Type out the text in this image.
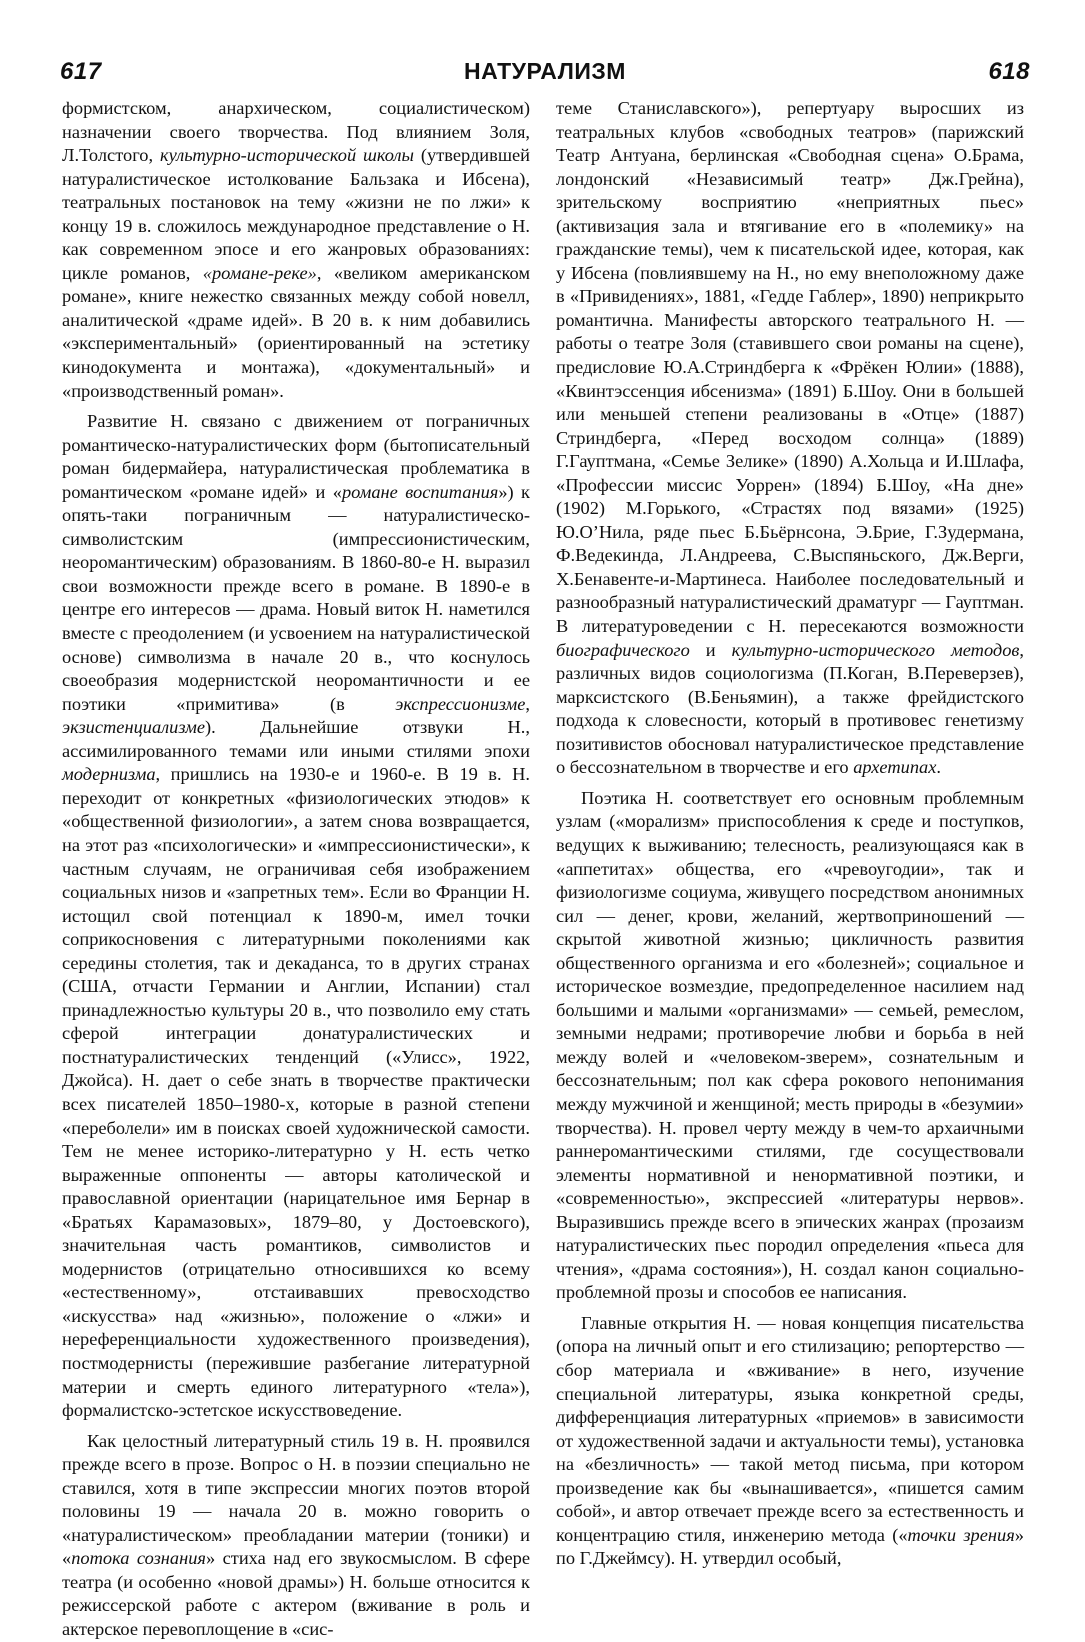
617	НАТУРАЛИЗМ	618

формистском, анархическом, социалистическом) назначении своего творчества. Под влиянием Золя, Л.Толстого, культурно-исторической школы (утвердившей натуралистическое истолкование Бальзака и Ибсена), театральных постановок на тему «жизни не по лжи» к концу 19 в. сложилось международное представление о Н. как современном эпосе и его жанровых образованиях: цикле романов, «романе-реке», «великом американском романе», книге нежестко связанных между собой новелл, аналитической «драме идей». В 20 в. к ним добавились «экспериментальный» (ориентированный на эстетику кинодокумента и монтажа), «документальный» и «производственный роман».

Развитие Н. связано с движением от пограничных романтическо-натуралистических форм (бытописательный роман бидермайера, натуралистическая проблематика в романтическом «романе идей» и «романе воспитания») к опять-таки пограничным — натуралистическо-символистским (импрессионистическим, неоромантическим) образованиям. В 1860-80-е Н. выразил свои возможности прежде всего в романе. В 1890-е в центре его интересов — драма. Новый виток Н. наметился вместе с преодолением (и усвоением на натуралистической основе) символизма в начале 20 в., что коснулось своеобразия модернистской неоромантичности и ее поэтики «примитива» (в экспрессионизме, экзистенциализме). Дальнейшие отзвуки Н., ассимилированного темами или иными стилями эпохи модернизма, пришлись на 1930-е и 1960-е. В 19 в. Н. переходит от конкретных «физиологических этюдов» к «общественной физиологии», а затем снова возвращается, на этот раз «психологически» и «импрессионистически», к частным случаям, не ограничивая себя изображением социальных низов и «запретных тем». Если во Франции Н. истощил свой потенциал к 1890-м, имел точки соприкосновения с литературными поколениями как середины столетия, так и декаданса, то в других странах (США, отчасти Германии и Англии, Испании) стал принадлежностью культуры 20 в., что позволило ему стать сферой интеграции донатуралистических и постнатуралистических тенденций («Улисс», 1922, Джойса). Н. дает о себе знать в творчестве практически всех писателей 1850–1980-х, которые в разной степени «переболели» им в поисках своей художнической самости. Тем не менее историко-литературно у Н. есть четко выраженные оппоненты — авторы католической и православной ориентации (нарицательное имя Бернар в «Братьях Карамазовых», 1879–80, у Достоевского), значительная часть романтиков, символистов и модернистов (отрицательно относившихся ко всему «естественному», отстаивавших превосходство «искусства» над «жизнью», положение о «лжи» и нереференциальности художественного произведения), постмодернисты (пережившие разбегание литературной материи и смерть единого литературного «тела»), формалистско-эстетское искусствоведение.

Как целостный литературный стиль 19 в. Н. проявился прежде всего в прозе. Вопрос о Н. в поэзии специально не ставился, хотя в типе экспрессии многих поэтов второй половины 19 — начала 20 в. можно говорить о «натуралистическом» преобладании материи (тоники) и «потока сознания» стиха над его звукосмыслом. В сфере театра (и особенно «новой драмы») Н. больше относится к режиссерской работе с актером (вживание в роль и актерское перевоплощение в «сис-

теме Станиславского»), репертуару выросших из театральных клубов «свободных театров» (парижский Театр Антуана, берлинская «Свободная сцена» О.Брама, лондонский «Независимый театр» Дж.Грейна), зрительскому восприятию «неприятных пьес» (активизация зала и втягивание его в «полемику» на гражданские темы), чем к писательской идее, которая, как у Ибсена (повлиявшему на Н., но ему внеположному даже в «Привидениях», 1881, «Гедде Габлер», 1890) неприкрыто романтична. Манифесты авторского театрального Н. — работы о театре Золя (ставившего свои романы на сцене), предисловие Ю.А.Стриндберга к «Фрёкен Юлии» (1888), «Квинтэссенция ибсенизма» (1891) Б.Шоу. Они в большей или меньшей степени реализованы в «Отце» (1887) Стриндберга, «Перед восходом солнца» (1889) Г.Гауптмана, «Семье Зелике» (1890) А.Хольца и И.Шлафа, «Профессии миссис Уоррен» (1894) Б.Шоу, «На дне» (1902) М.Горького, «Страстях под вязами» (1925) Ю.О’Нила, ряде пьес Б.Бьёрнсона, Э.Брие, Г.Зудермана, Ф.Ведекинда, Л.Андреева, С.Выспяньского, Дж.Верги, Х.Бенавенте-и-Мартинеса. Наиболее последовательный и разнообразный натуралистический драматург — Гауптман. В литературоведении с Н. пересекаются возможности биографического и культурно-исторического методов, различных видов социологизма (П.Коган, В.Переверзев), марксистского (В.Беньямин), а также фрейдистского подхода к словесности, который в противовес генетизму позитивистов обосновал натуралистическое представление о бессознательном в творчестве и его архетипах.

Поэтика Н. соответствует его основным проблемным узлам («морализм» приспособления к среде и поступков, ведущих к выживанию; телесность, реализующаяся как в «аппетитах» общества, его «чревоугодии», так и физиологизме социума, живущего посредством анонимных сил — денег, крови, желаний, жертвоприношений — скрытой животной жизнью; цикличность развития общественного организма и его «болезней»; социальное и историческое возмездие, предопределенное насилием над большими и малыми «организмами» — семьей, ремеслом, земными недрами; противоречие любви и борьба в ней между волей и «человеком-зверем», сознательным и бессознательным; пол как сфера рокового непонимания между мужчиной и женщиной; месть природы в «безумии» творчества). Н. провел черту между в чем-то архаичными раннеромантическими стилями, где сосуществовали элементы нормативной и ненормативной поэтики, и «современностью», экспрессией «литературы нервов». Выразившись прежде всего в эпических жанрах (прозаизм натуралистических пьес породил определения «пьеса для чтения», «драма состояния»), Н. создал канон социально-проблемной прозы и способов ее написания.

Главные открытия Н. — новая концепция писательства (опора на личный опыт и его стилизацию; репортерство — сбор материала и «вживание» в него, изучение специальной литературы, языка конкретной среды, дифференциация литературных «приемов» в зависимости от художественной задачи и актуальности темы), установка на «безличность» — такой метод письма, при котором произведение как бы «вынашивается», «пишется самим собой», и автор отвечает прежде всего за естественность и концентрацию стиля, инженерию метода («точки зрения» по Г.Джеймсу). Н. утвердил особый,
